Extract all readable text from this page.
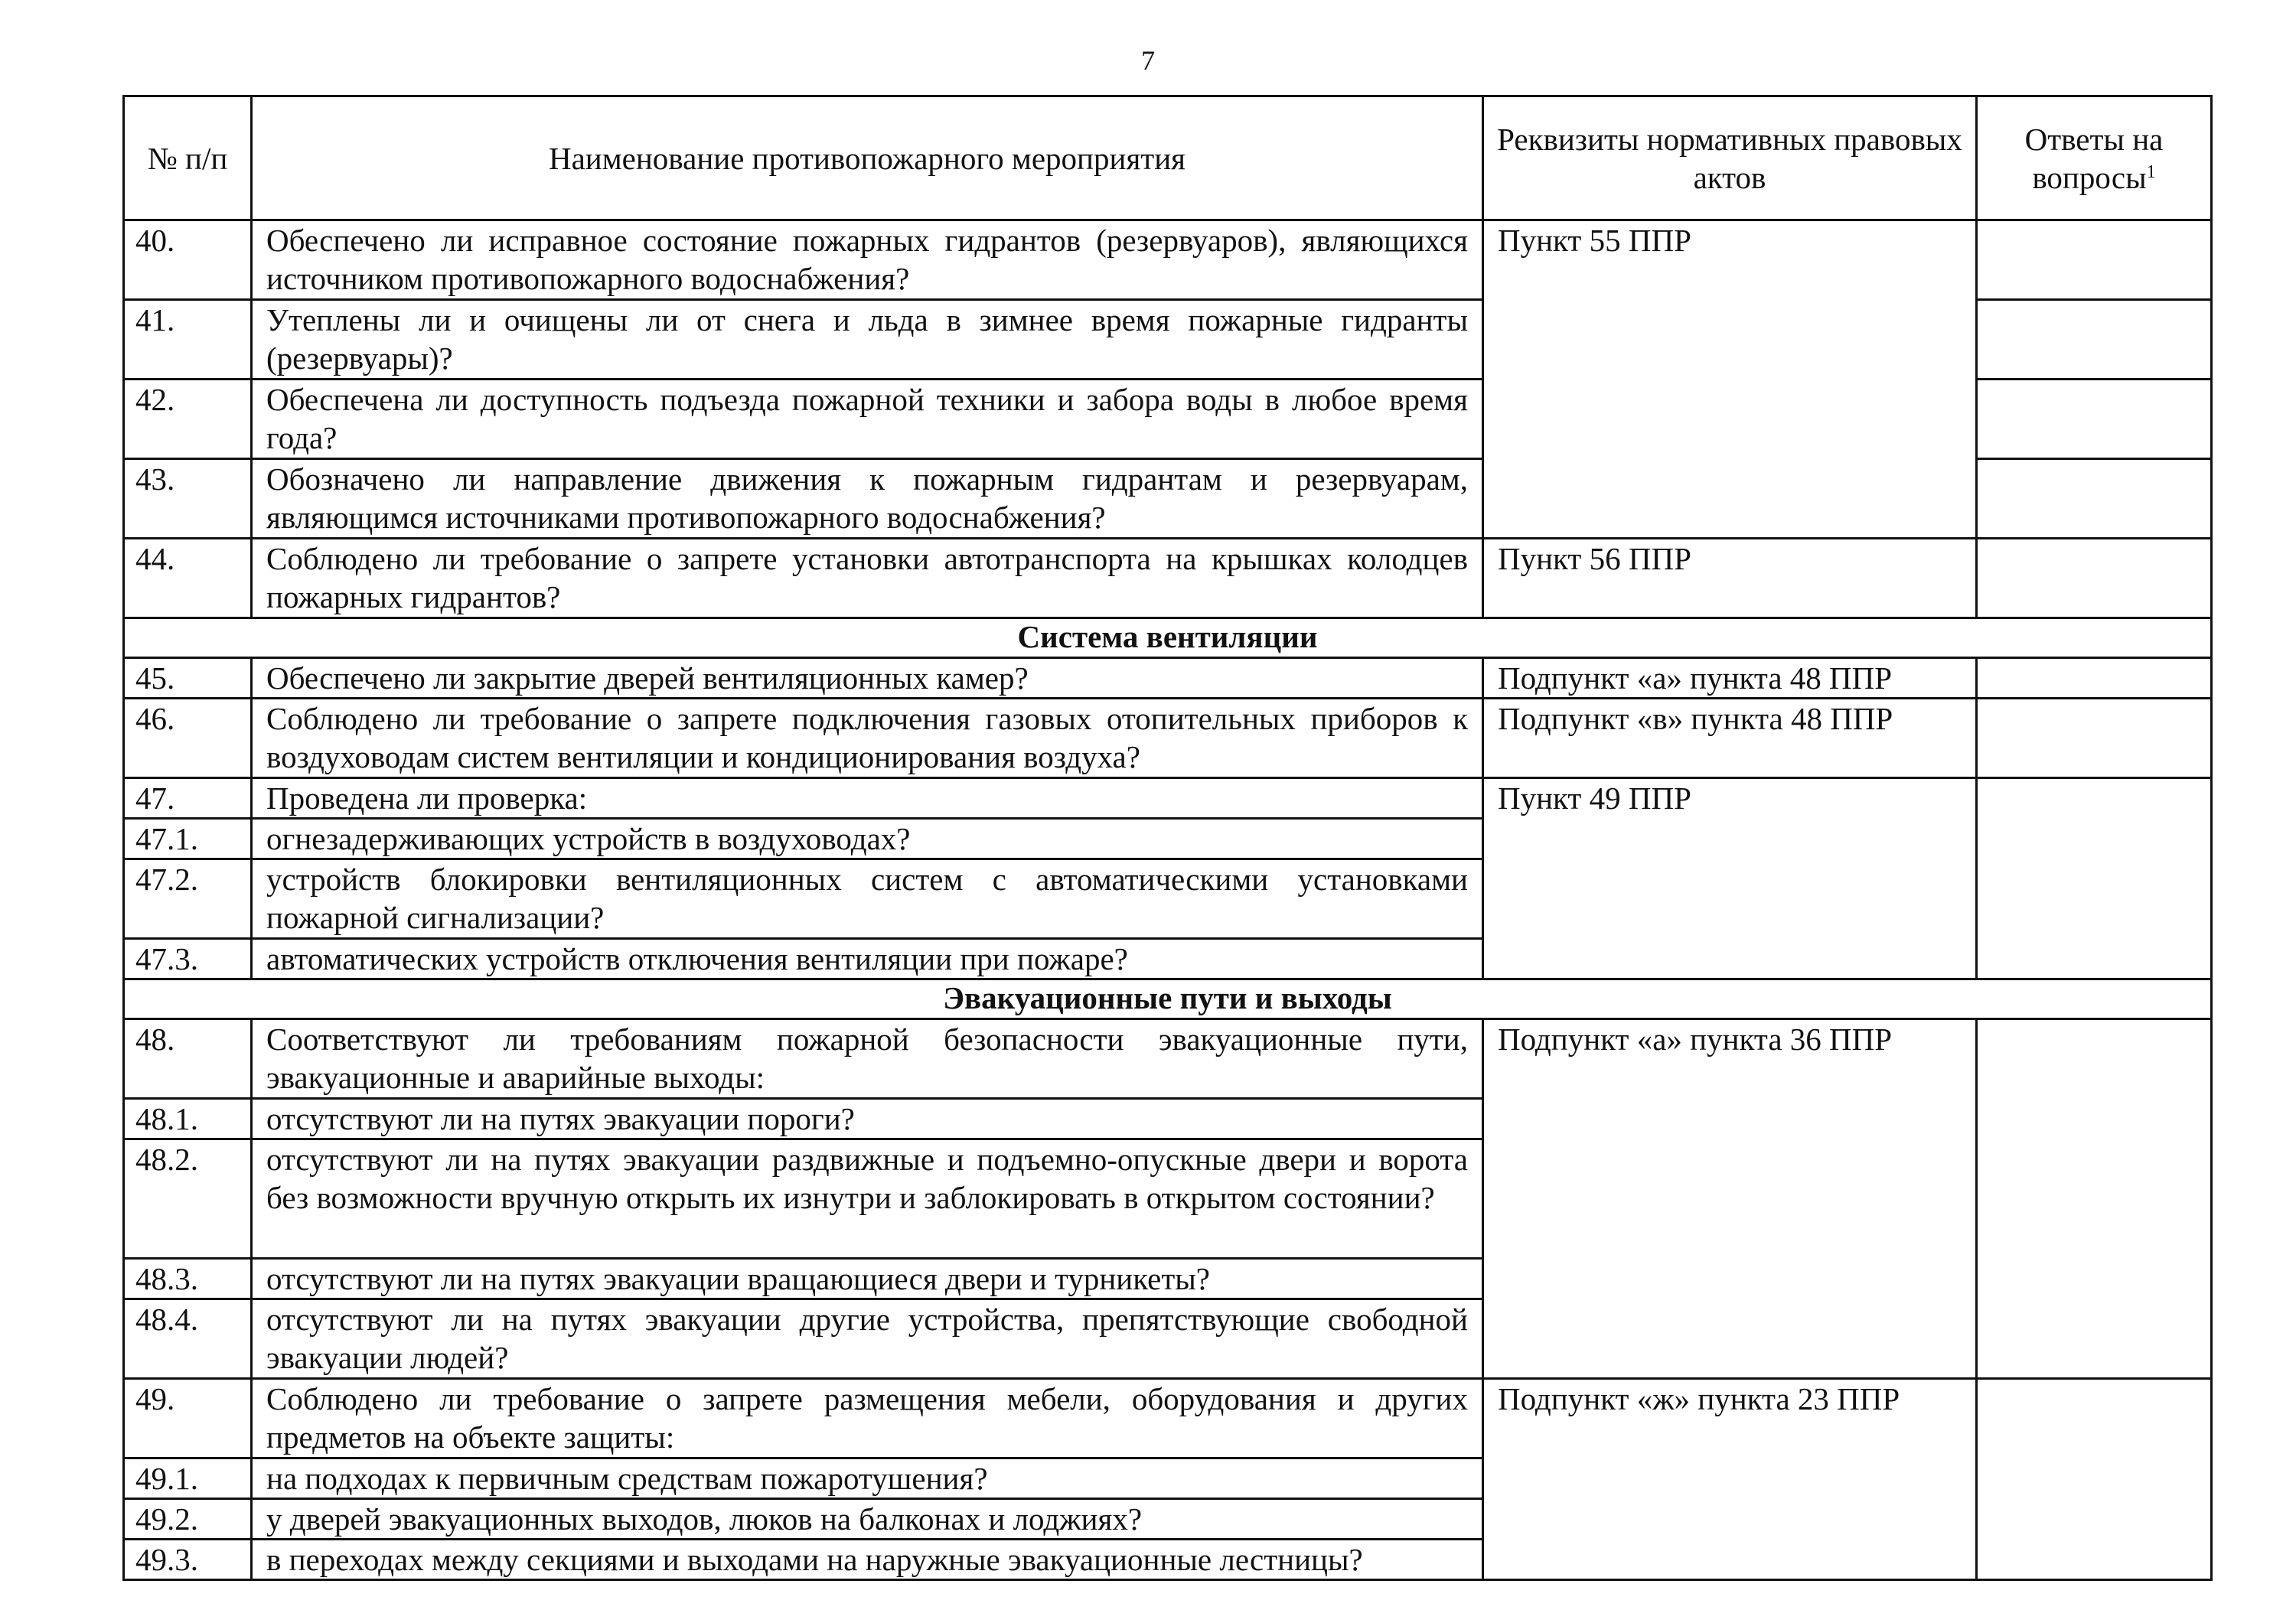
7
№ п/п	Наименование противопожарного мероприятия	Реквизиты нормативных правовых актов	Ответы на вопросы$^1$
40.	Обеспечено ли исправное состояние пожарных гидрантов (резервуаров), являющихся источником противопожарного водоснабжения?	Пункт 55 ППР	
41.	Утеплены ли и очищены ли от снега и льда в зимнее время пожарные гидранты (резервуары)?		
42.	Обеспечена ли доступность подъезда пожарной техники и забора воды в любое время года?		
43.	Обозначено ли направление движения к пожарным гидрантам и резервуарам, являющимся источниками противопожарного водоснабжения?		
44.	Соблюдено ли требование о запрете установки автотранспорта на крышках колодцев пожарных гидрантов?	Пункт 56 ППР	
Система вентиляции			
45.	Обеспечено ли закрытие дверей вентиляционных камер?	Подпункт «а» пункта 48 ППР	
46.	Соблюдено ли требование о запрете подключения газовых отопительных приборов к воздуховодам систем вентиляции и кондиционирования воздуха?	Подпункт «в» пункта 48 ППР	
47.	Проведена ли проверка:	Пункт 49 ППР	
47.1.	огнезадерживающих устройств в воздуховодах?		
47.2.	устройств блокировки вентиляционных систем с автоматическими установками пожарной сигнализации?		
47.3.	автоматических устройств отключения вентиляции при пожаре?		
Эвакуационные пути и выходы			
48.	Соответствуют ли требованиям пожарной безопасности эвакуационные пути, эвакуационные и аварийные выходы:	Подпункт «а» пункта 36 ППР	
48.1.	отсутствуют ли на путях эвакуации пороги?		
48.2.	отсутствуют ли на путях эвакуации раздвижные и подъемно-опускные двери и ворота без возможности вручную открыть их изнутри и заблокировать в открытом состоянии?		
48.3.	отсутствуют ли на путях эвакуации вращающиеся двери и турникеты?		
48.4.	отсутствуют ли на путях эвакуации другие устройства, препятствующие свободной эвакуации людей?		
49.	Соблюдено ли требование о запрете размещения мебели, оборудования и других предметов на объекте защиты:	Подпункт «ж» пункта 23 ППР	
49.1.	на подходах к первичным средствам пожаротушения?		
49.2.	у дверей эвакуационных выходов, люков на балконах и лоджиях?		
49.3.	в переходах между секциями и выходами на наружные эвакуационные лестницы?		
